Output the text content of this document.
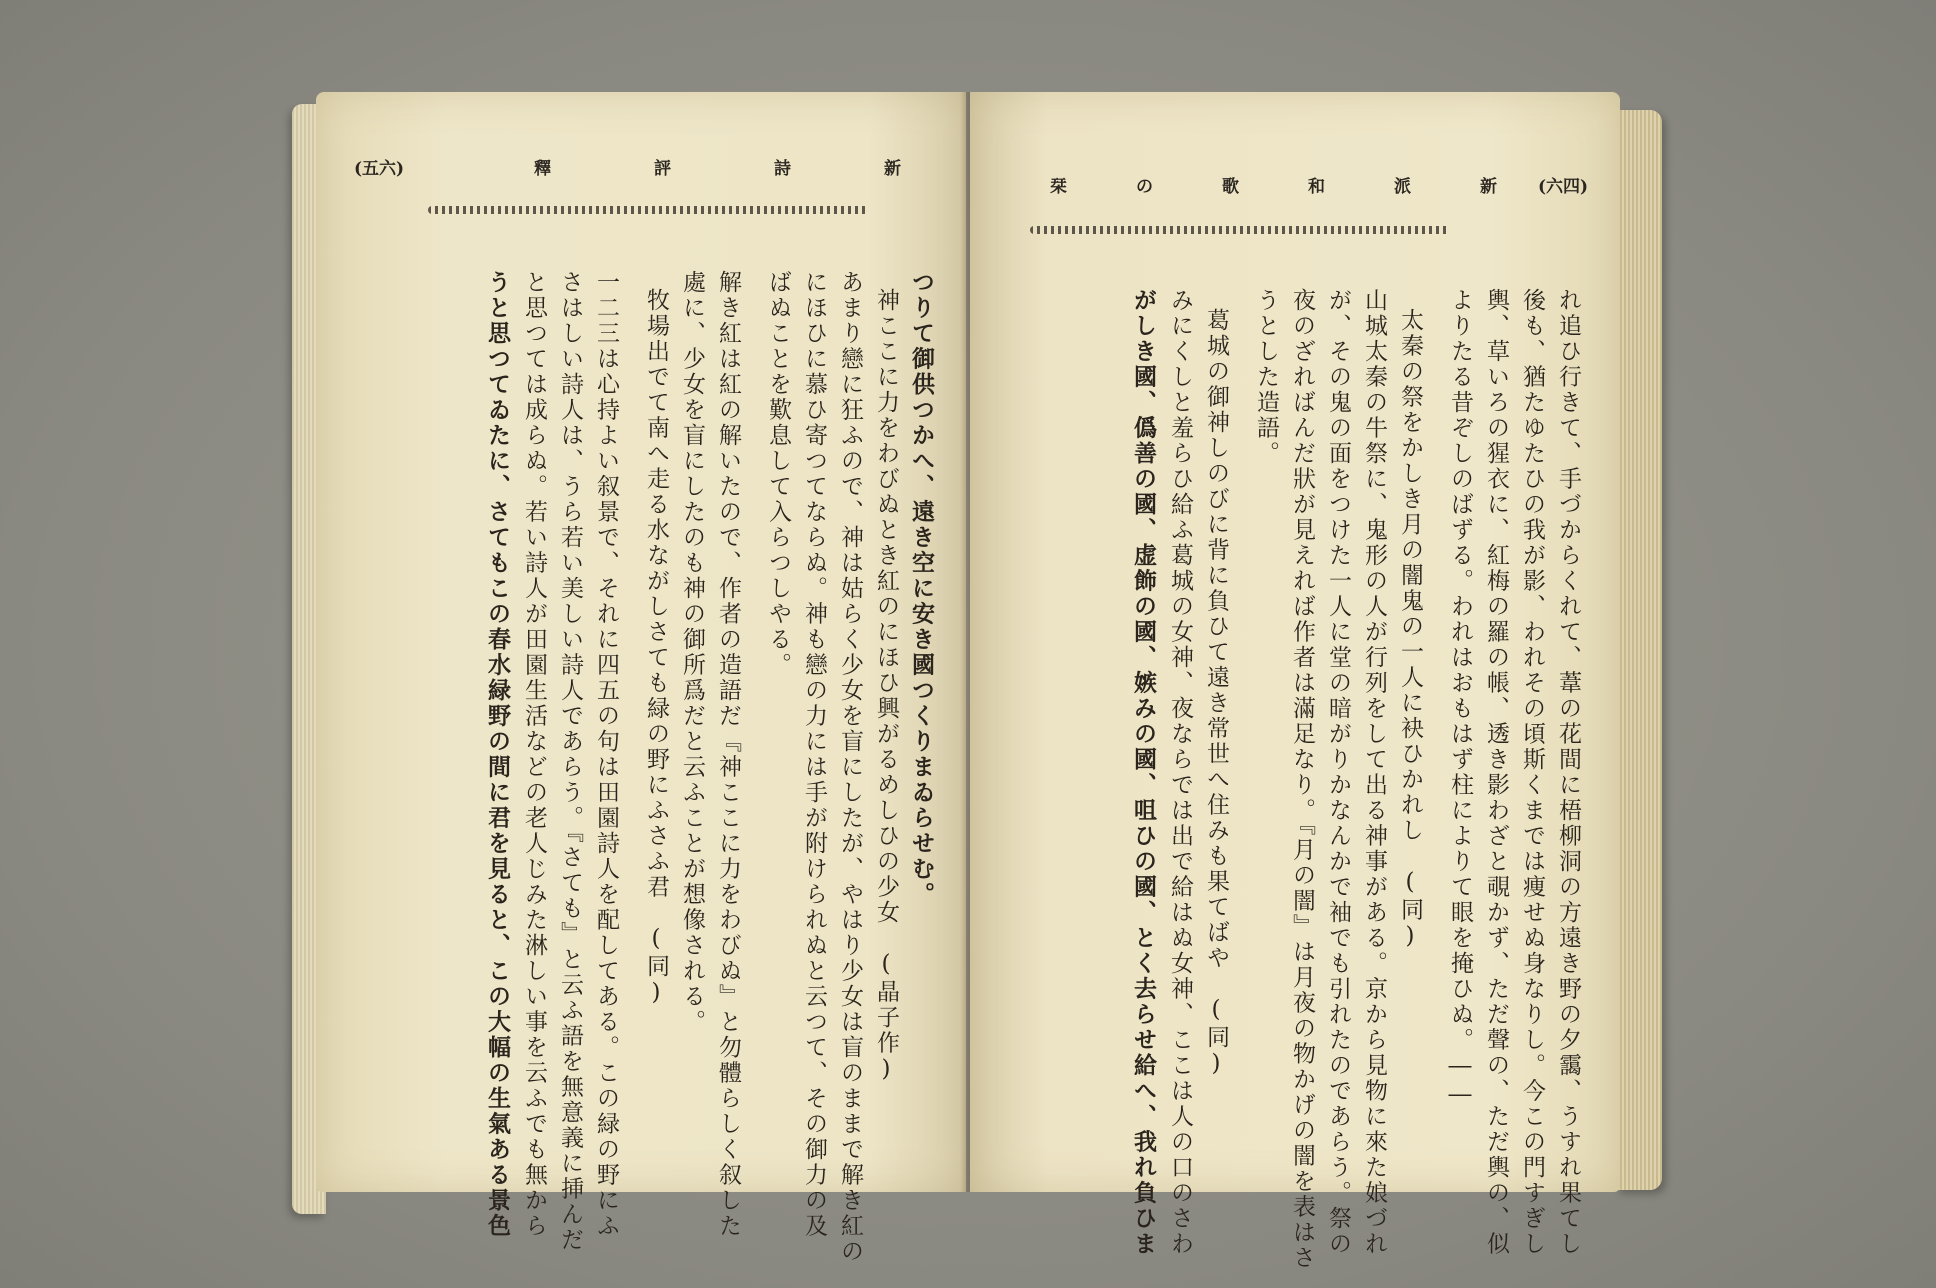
(五六)	新
詩
評
釋
つりて御供つかへ、遠き空に安き國つくりまゐらせむ。
神ここに力をわびぬとき紅のにほひ興がるめしひの少女　(晶子作)
あまり戀に狂ふので、神は姑らく少女を盲にしたが、やはり少女は盲のままで解き紅の
にほひに慕ひ寄つてならぬ。神も戀の力には手が附けられぬと云つて、その御力の及
ばぬことを歎息して入らつしやる。
解き紅は紅の解いたので、作者の造語だ『神ここに力をわびぬ』と勿體らしく叙した
處に、少女を盲にしたのも神の御所爲だと云ふことが想像される。
牧場出でて南へ走る水ながしさても緑の野にふさふ君　(同)
一二三は心持よい叙景で、それに四五の句は田園詩人を配してある。この緑の野にふ
さはしい詩人は、うら若い美しい詩人であらう。『さても』と云ふ語を無意義に挿んだ
と思つては成らぬ。若い詩人が田園生活などの老人じみた淋しい事を云ふでも無から
うと思つてゐたに、さてもこの春水緑野の間に君を見ると、この大幅の生氣ある景色
栞	の	歌	和	派	新 (六四)
れ追ひ行きて、手づからくれて、葦の花間に梧柳洞の方遠き野の夕靄、うすれ果てし
後も、猶たゆたひの我が影、われその頃斯くまでは痩せぬ身なりし。今この門すぎし
輿、草いろの猩衣に、紅梅の羅の帳、透き影わざと覗かず、ただ聲の、ただ輿の、似
よりたる昔ぞしのばずる。われはおもはず柱によりて眼を掩ひぬ。――
太秦の祭をかしき月の闇鬼の一人に袂ひかれし　(同)
山城太秦の牛祭に、鬼形の人が行列をして出る神事がある。京から見物に來た娘づれ
が、その鬼の面をつけた一人に堂の暗がりかなんかで袖でも引れたのであらう。祭の
夜のざればんだ狀が見えれば作者は滿足なり。『月の闇』は月夜の物かげの闇を表はさ
うとした造語。
葛城の御神しのびに背に負ひて遠き常世へ住みも果てばや　(同)
みにくしと羞らひ給ふ葛城の女神、夜ならでは出で給はぬ女神、ここは人の口のさわ
がしき國、僞善の國、虚飾の國、嫉みの國、咀ひの國、とく去らせ給へ、我れ負ひま
